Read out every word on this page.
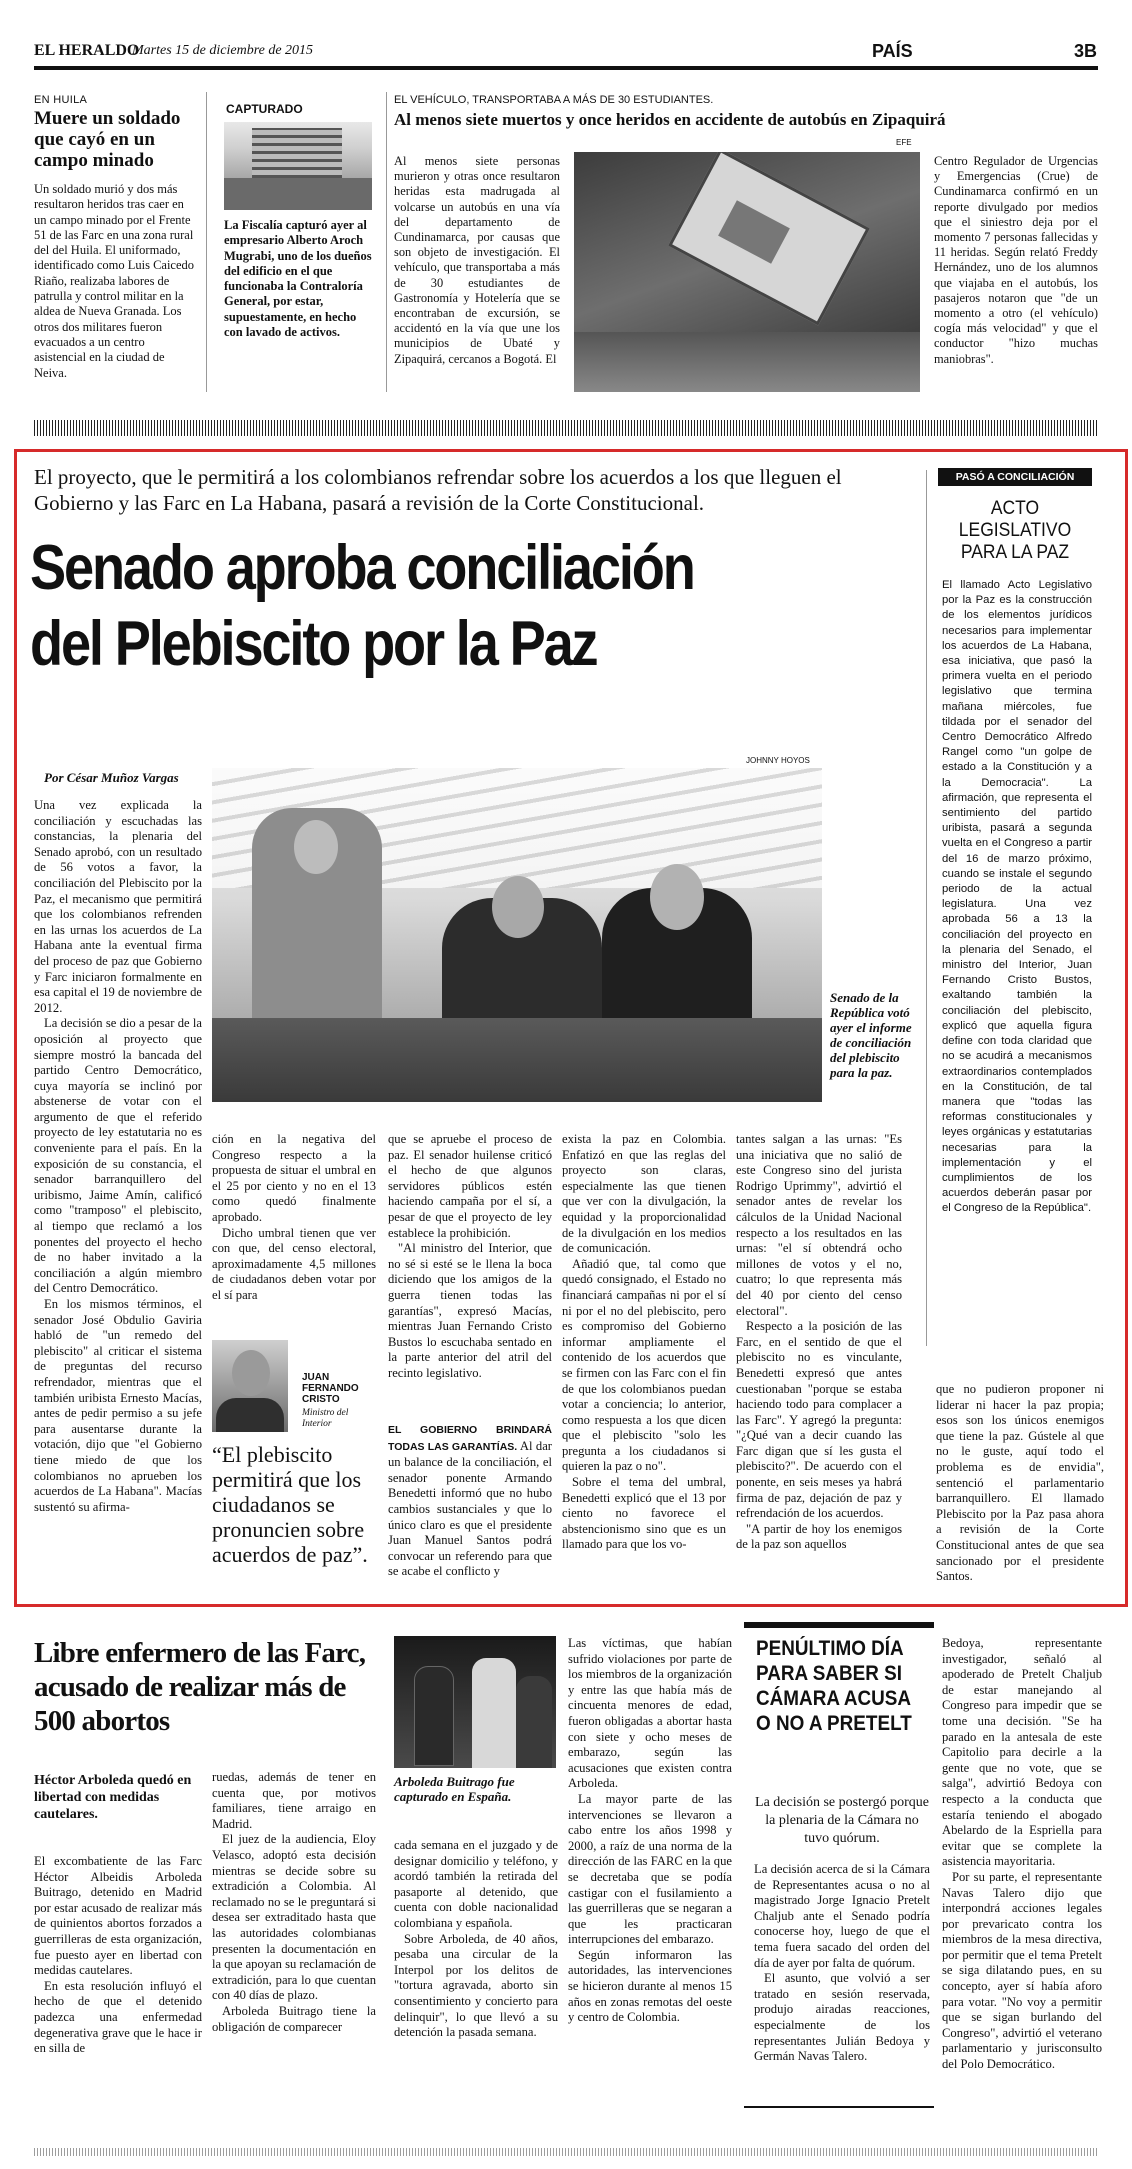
EL HERALDO
Martes 15 de diciembre de 2015	PAÍS	3B
EN HUILA
Muere un soldado que cayó en un campo minado

Un soldado murió y dos más resultaron heridos tras caer en un campo minado por el Frente 51 de las Farc en una zona rural del del Huila. El uniformado, identificado como Luis Caicedo Riaño, realizaba labores de patrulla y control militar en la aldea de Nueva Granada. Los otros dos militares fueron evacuados a un centro asistencial en la ciudad de Neiva.

CAPTURADO
La Fiscalía capturó ayer al empresario Alberto Aroch Mugrabi, uno de los dueños del edificio en el que funcionaba la Contraloría General, por estar, supuestamente, en hecho con lavado de activos.
EL VEHÍCULO, TRANSPORTABA A MÁS DE 30 ESTUDIANTES.
Al menos siete muertos y once heridos en accidente de autobús en Zipaquirá
EFE

Al menos siete personas murieron y otras once resultaron heridas esta madrugada al volcarse un autobús en una vía del departamento de Cundinamarca, por causas que son objeto de investigación. El vehículo, que transportaba a más de 30 estudiantes de Gastronomía y Hotelería que se encontraban de excursión, se accidentó en la vía que une los municipios de Ubaté y Zipaquirá, cercanos a Bogotá. El

Centro Regulador de Urgencias y Emergencias (Crue) de Cundinamarca confirmó en un reporte divulgado por medios que el siniestro deja por el momento 7 personas fallecidas y 11 heridas. Según relató Freddy Hernández, uno de los alumnos que viajaba en el autobús, los pasajeros notaron que "de un momento a otro (el vehículo) cogía más velocidad" y que el conductor "hizo muchas maniobras".

El proyecto, que le permitirá a los colombianos refrendar sobre los acuerdos a los que lleguen el Gobierno y las Farc en La Habana, pasará a revisión de la Corte Constitucional.
Senado aproba conciliación
del Plebiscito por la Paz
Por César Muñoz Vargas
JOHNNY HOYOS
Senado de la República votó ayer el informe de conciliación del plebiscito para la paz.

Una vez explicada la conciliación y escuchadas las constancias, la plenaria del Senado aprobó, con un resultado de 56 votos a favor, la conciliación del Plebiscito por la Paz, el mecanismo que permitirá que los colombianos refrenden en las urnas los acuerdos de La Habana ante la eventual firma del proceso de paz que Gobierno y Farc iniciaron formalmente en esa capital el 19 de noviembre de 2012.

La decisión se dio a pesar de la oposición al proyecto que siempre mostró la bancada del partido Centro Democrático, cuya mayoría se inclinó por abstenerse de votar con el argumento de que el referido proyecto de ley estatutaria no es conveniente para el país. En la exposición de su constancia, el senador barranquillero del uribismo, Jaime Amín, calificó como "tramposo" el plebiscito, al tiempo que reclamó a los ponentes del proyecto el hecho de no haber invitado a la conciliación a algún miembro del Centro Democrático.

En los mismos términos, el senador José Obdulio Gaviria habló de "un remedo del plebiscito" al criticar el sistema de preguntas del recurso refrendador, mientras que el también uribista Ernesto Macías, antes de pedir permiso a su jefe para ausentarse durante la votación, dijo que "el Gobierno tiene miedo de que los colombianos no aprueben los acuerdos de La Habana". Macías sustentó su afirma-

ción en la negativa del Congreso respecto a la propuesta de situar el umbral en el 25 por ciento y no en el 13 como quedó finalmente aprobado.

Dicho umbral tienen que ver con que, del censo electoral, aproximadamente 4,5 millones de ciudadanos deben votar por el sí para

JUAN FERNANDO CRISTO
Ministro del Interior
“El plebiscito permitirá que los ciudadanos se pronuncien sobre acuerdos de paz”.

que se apruebe el proceso de paz. El senador huilense criticó el hecho de que algunos servidores públicos estén haciendo campaña por el sí, a pesar de que el proyecto de ley establece la prohibición.

"Al ministro del Interior, que no sé si esté se le llena la boca diciendo que los amigos de la guerra tienen todas las garantías", expresó Macías, mientras Juan Fernando Cristo Bustos lo escuchaba sentado en la parte anterior del atril del recinto legislativo.

EL GOBIERNO BRINDARÁ TODAS LAS GARANTÍAS. Al dar un balance de la conciliación, el senador ponente Armando Benedetti informó que no hubo cambios sustanciales y que lo único claro es que el presidente Juan Manuel Santos podrá convocar un referendo para que se acabe el conflicto y

exista la paz en Colombia. Enfatizó en que las reglas del proyecto son claras, especialmente las que tienen que ver con la divulgación, la equidad y la proporcionalidad de la divulgación en los medios de comunicación.

Añadió que, tal como que quedó consignado, el Estado no financiará campañas ni por el sí ni por el no del plebiscito, pero es compromiso del Gobierno informar ampliamente el contenido de los acuerdos que se firmen con las Farc con el fin de que los colombianos puedan votar a conciencia; lo anterior, como respuesta a los que dicen que el plebiscito "solo les pregunta a los ciudadanos si quieren la paz o no".

Sobre el tema del umbral, Benedetti explicó que el 13 por ciento no favorece el abstencionismo sino que es un llamado para que los vo-

tantes salgan a las urnas: "Es una iniciativa que no salió de este Congreso sino del jurista Rodrigo Uprimmy", advirtió el senador antes de revelar los cálculos de la Unidad Nacional respecto a los resultados en las urnas: "el sí obtendrá ocho millones de votos y el no, cuatro; lo que representa más del 40 por ciento del censo electoral".

Respecto a la posición de las Farc, en el sentido de que el plebiscito no es vinculante, Benedetti expresó que antes cuestionaban "porque se estaba haciendo todo para complacer a las Farc". Y agregó la pregunta: "¿Qué van a decir cuando las Farc digan que sí les gusta el plebiscito?". De acuerdo con el ponente, en seis meses ya habrá firma de paz, dejación de paz y refrendación de los acuerdos.

"A partir de hoy los enemigos de la paz son aquellos

que no pudieron proponer ni liderar ni hacer la paz propia; esos son los únicos enemigos que tiene la paz. Gústele al que no le guste, aquí todo el problema es de envidia", sentenció el parlamentario barranquillero. El llamado Plebiscito por la Paz pasa ahora a revisión de la Corte Constitucional antes de que sea sancionado por el presidente Santos.

PASÓ A CONCILIACIÓN
ACTO LEGISLATIVO PARA LA PAZ

El llamado Acto Legislativo por la Paz es la construcción de los elementos jurídicos necesarios para implementar los acuerdos de La Habana, esa iniciativa, que pasó la primera vuelta en el periodo legislativo que termina mañana miércoles, fue tildada por el senador del Centro Democrático Alfredo Rangel como "un golpe de estado a la Constitución y a la Democracia". La afirmación, que representa el sentimiento del partido uribista, pasará a segunda vuelta en el Congreso a partir del 16 de marzo próximo, cuando se instale el segundo periodo de la actual legislatura. Una vez aprobada 56 a 13 la conciliación del proyecto en la plenaria del Senado, el ministro del Interior, Juan Fernando Cristo Bustos, exaltando también la conciliación del plebiscito, explicó que aquella figura define con toda claridad que no se acudirá a mecanismos extraordinarios contemplados en la Constitución, de tal manera que "todas las reformas constitucionales y leyes orgánicas y estatutarias necesarias para la implementación y el cumplimientos de los acuerdos deberán pasar por el Congreso de la República".

Libre enfermero de las Farc, acusado de realizar más de 500 abortos
Héctor Arboleda quedó en libertad con medidas cautelares.

El excombatiente de las Farc Héctor Albeidis Arboleda Buitrago, detenido en Madrid por estar acusado de realizar más de quinientos abortos forzados a guerrilleras de esta organización, fue puesto ayer en libertad con medidas cautelares.

En esta resolución influyó el hecho de que el detenido padezca una enfermedad degenerativa grave que le hace ir en silla de

ruedas, además de tener en cuenta que, por motivos familiares, tiene arraigo en Madrid.

El juez de la audiencia, Eloy Velasco, adoptó esta decisión mientras se decide sobre su extradición a Colombia. Al reclamado no se le preguntará si desea ser extraditado hasta que las autoridades colombianas presenten la documentación en la que apoyan su reclamación de extradición, para lo que cuentan con 40 días de plazo.

Arboleda Buitrago tiene la obligación de comparecer

Arboleda Buitrago fue capturado en España.

cada semana en el juzgado y de designar domicilio y teléfono, y acordó también la retirada del pasaporte al detenido, que cuenta con doble nacionalidad colombiana y española.

Sobre Arboleda, de 40 años, pesaba una circular de la Interpol por los delitos de "tortura agravada, aborto sin consentimiento y concierto para delinquir", lo que llevó a su detención la pasada semana.

Las víctimas, que habían sufrido violaciones por parte de los miembros de la organización y entre las que había más de cincuenta menores de edad, fueron obligadas a abortar hasta con siete y ocho meses de embarazo, según las acusaciones que existen contra Arboleda.

La mayor parte de las intervenciones se llevaron a cabo entre los años 1998 y 2000, a raíz de una norma de la dirección de las FARC en la que se decretaba que se podía castigar con el fusilamiento a las guerrilleras que se negaran a que les practicaran interrupciones del embarazo.

Según informaron las autoridades, las intervenciones se hicieron durante al menos 15 años en zonas remotas del oeste y centro de Colombia.

PENÚLTIMO DÍA PARA SABER SI CÁMARA ACUSA O NO A PRETELT
La decisión se postergó porque la plenaria de la Cámara no tuvo quórum.

La decisión acerca de si la Cámara de Representantes acusa o no al magistrado Jorge Ignacio Pretelt Chaljub ante el Senado podría conocerse hoy, luego de que el tema fuera sacado del orden del día de ayer por falta de quórum.

El asunto, que volvió a ser tratado en sesión reservada, produjo airadas reacciones, especialmente de los representantes Julián Bedoya y Germán Navas Talero.

Bedoya, representante investigador, señaló al apoderado de Pretelt Chaljub de estar manejando al Congreso para impedir que se tome una decisión. "Se ha parado en la antesala de este Capitolio para decirle a la gente que no vote, que se salga", advirtió Bedoya con respecto a la conducta que estaría teniendo el abogado Abelardo de la Espriella para evitar que se complete la asistencia mayoritaria.

Por su parte, el representante Navas Talero dijo que interpondrá acciones legales por prevaricato contra los miembros de la mesa directiva, por permitir que el tema Pretelt se siga dilatando pues, en su concepto, ayer sí había aforo para votar. "No voy a permitir que se sigan burlando del Congreso", advirtió el veterano parlamentario y jurisconsulto del Polo Democrático.
